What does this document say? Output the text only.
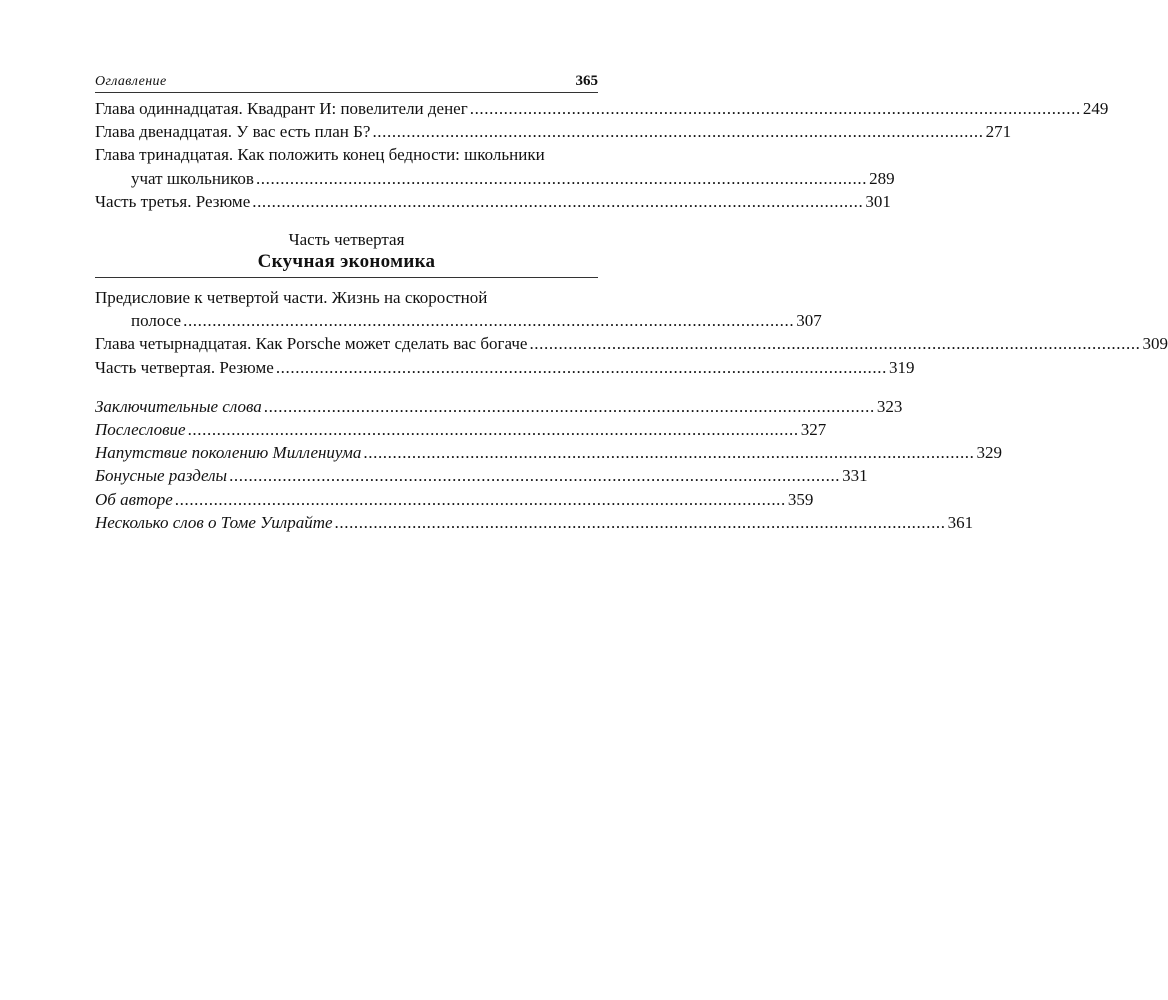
Оглавление	365
Глава одиннадцатая. Квадрант И: повелители денег .............................................................................................................................. 249
Глава двенадцатая. У вас есть план Б? .............................................................................................................................. 271
Глава тринадцатая. Как положить конец бедности: школьники
учат школьников .............................................................................................................................. 289
Часть третья. Резюме .............................................................................................................................. 301
Часть четвертая
Скучная экономика
Предисловие к четвертой части. Жизнь на скоростной
полосе .............................................................................................................................. 307
Глава четырнадцатая. Как Porsche может сделать вас богаче .............................................................................................................................. 309
Часть четвертая. Резюме .............................................................................................................................. 319
Заключительные слова .............................................................................................................................. 323
Послесловие .............................................................................................................................. 327
Напутствие поколению Миллениума .............................................................................................................................. 329
Бонусные разделы .............................................................................................................................. 331
Об авторе .............................................................................................................................. 359
Несколько слов о Томе Уилрайте .............................................................................................................................. 361
